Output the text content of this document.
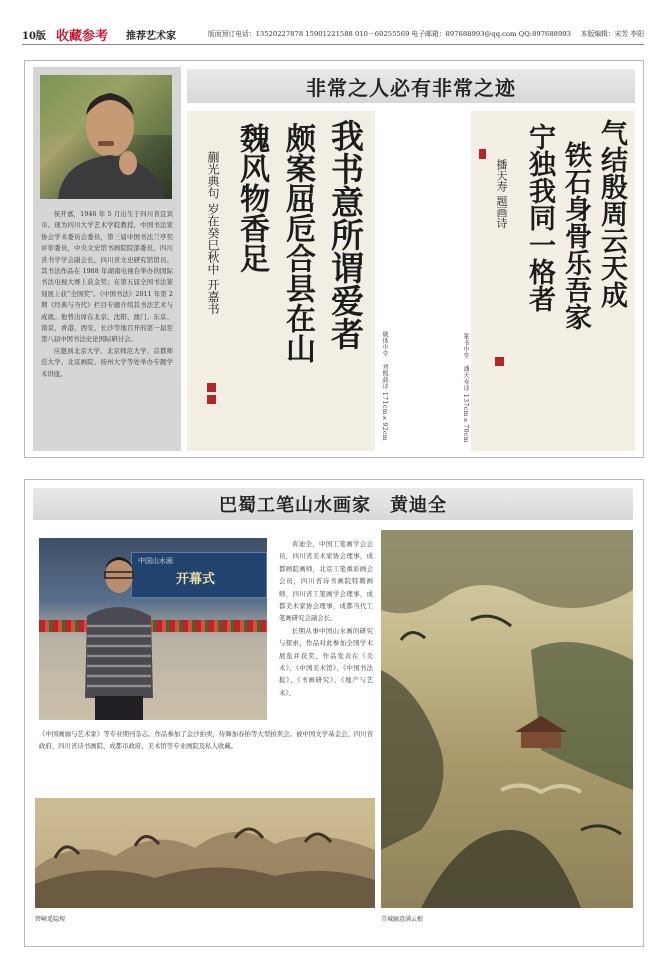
10版 收藏参考 推荐艺术家	版面预订电话：13520227878 15901221588 010－60255569 电子邮箱：89768899​3@qq.com QQ:897688993 本版编辑：宋芳 李阳
非常之人必有非常之迹

侯开嘉，1946 年 5 月出生于四川省宜宾市。现为四川大学艺术学院教授，中国书法家协会学术委员会委员，第三届中国书法兰亭奖评审委员，中央文史馆书画院院部委员，四川省书学学会副会长，四川省文史研究馆馆员。其书法作品在 1988 年湖南电视台举办的国际书法电视大赛上获金奖；在第五届全国书法篆刻展上获“全国奖”。《中国书法》2011 年第 2 期《经典与当代》栏目专题介绍其书法艺术与成就。他曾出席在北京、沈阳、澳门、东京、南京、香港、西安、长沙等地召开的第一届至第八届中国书法史论国际研讨会。

应邀到北京大学、北京师范大学、首都师范大学、北京画院、扬州大学等处举办专题学术讲座。

我书意所谓爱者
颇案屈卮合县在山
魏风物香足
蒯光典句 岁在癸巳秋中 开嘉书
破体中堂　刘熙载诗 171cm×92cm
气结殷周云天成
铁石身骨乐吾家
宁独我同一格者
播天寿 题画诗
篆书中堂　潘天寿诗 137cm×70cm
巴蜀工笔山水画家　黄迪全
中国山水画
开幕式

黄迪全，中国工笔画学会会员，四川省美术家协会理事，成都画院画师，北京工笔重彩画会会员，四川省诗书画院特聘画师，四川省工笔画学会理事，成都美术家协会理事，成都当代工笔画研究会副会长。

长期从事中国山水画的研究与探索，作品对此参加全国学术展览并获奖，作品发表在《美术》、《中国美术馆》、《中国书法报》、《书画研究》、《地产与艺术》、

《中国画廊与艺术家》等专业期刊杂志。作品参加了金沙拍卖，侍舞加春拍等大型拍卖会。被中国文学基金会、四川省政府、四川省诗书画院、成都市政府、美术馆等专业画院及私人收藏。

碧嶂遥隐现	青城幽意满云根
